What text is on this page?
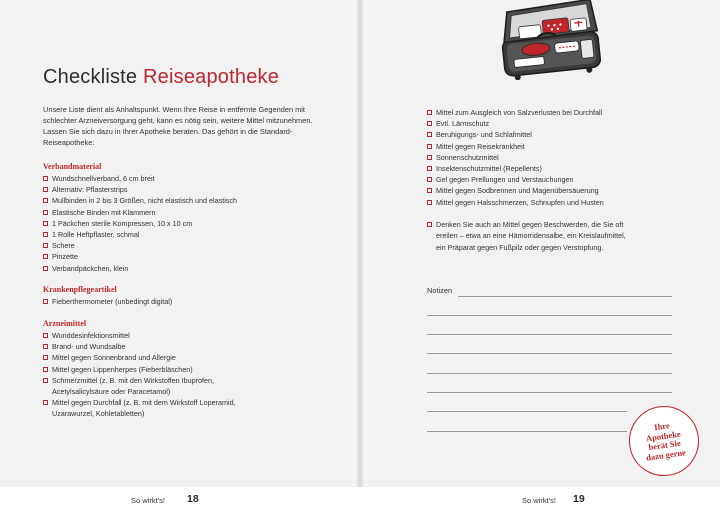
Checkliste Reiseapotheke

Unsere Liste dient als Anhaltspunkt. Wenn Ihre Reise in entfernte Gegenden mit schlechter Arzneiversorgung geht, kann es nötig sein, weitere Mittel mitzunehmen. Lassen Sie sich dazu in Ihrer Apotheke beraten. Das gehört in die Standard-Reiseapotheke:

Verbandmaterial
Wundschnellverband, 6 cm breit
Alternativ: Pflasterstrips
Mullbinden in 2 bis 3 Größen, nicht elastisch und elastisch
Elastische Binden mit Klammern
1 Päckchen sterile Kompressen, 10 x 10 cm
1 Rolle Heftpflaster, schmal
Schere
Pinzette
Verbandpäckchen, klein
Krankenpflegeartikel
Fieberthermometer (unbedingt digital)
Arzneimittel
Wunddesinfektionsmittel
Brand- und Wundsalbe
Mittel gegen Sonnenbrand und Allergie
Mittel gegen Lippenherpes (Fieberbläschen)
Schmerzmittel (z. B. mit den Wirkstoffen Ibuprofen,
Acetylsalicylsäure oder Paracetamol)
Mittel gegen Durchfall (z. B. mit dem Wirkstoff Loperamid,
Uzarawurzel, Kohletabletten)
So wirkt's! 18
Mittel zum Ausgleich von Salzverlusten bei Durchfall
Evtl. Lärmschutz
Beruhigungs- und Schlafmittel
Mittel gegen Reisekrankheit
Sonnenschutzmittel
Insektenschutzmittel (Repellents)
Gel gegen Prellungen und Verstauchungen
Mittel gegen Sodbrennen und Magenübersäuerung
Mittel gegen Halsschmerzen, Schnupfen und Husten
Denken Sie auch an Mittel gegen Beschwerden, die Sie oft
ereilen – etwa an eine Hämorridensalbe, ein Kreislaufmittel,
ein Präparat gegen Fußpilz oder gegen Verstopfung.
Notizen
Ihre
Apotheke
berät Sie
dazu gerne
So wirkt's! 19
